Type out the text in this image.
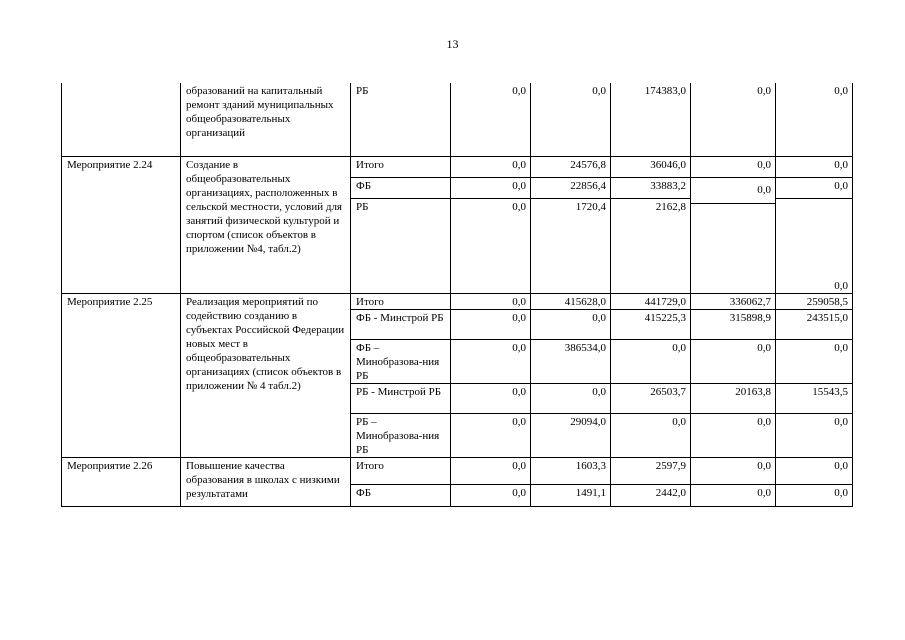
13
	образований на капитальный ремонт зданий муниципальных общеобразовательных организаций	РБ	0,0	0,0	174383,0	0,0	0,0
Мероприятие 2.24	Создание в общеобразовательных организациях, расположенных в сельской местности, условий для занятий физической культурой и спортом (список объектов в приложении №4, табл.2)	Итого	0,0	24576,8	36046,0	0,0	0,0
		ФБ	0,0	22856,4	33883,2	0,0	0,0
		РБ	0,0	1720,4	2162,8		0,0
Мероприятие 2.25	Реализация мероприятий по содействию созданию в субъектах Российской Федерации новых мест в общеобразовательных организациях (список объектов в приложении № 4 табл.2)	Итого	0,0	415628,0	441729,0	336062,7	259058,5
		ФБ - Минстрой РБ	0,0	0,0	415225,3	315898,9	243515,0
		ФБ – Минобразова-ния РБ	0,0	386534,0	0,0	0,0	0,0
		РБ - Минстрой РБ	0,0	0,0	26503,7	20163,8	15543,5
		РБ – Минобразова-ния РБ	0,0	29094,0	0,0	0,0	0,0
Мероприятие 2.26	Повышение качества образования в школах с низкими результатами	Итого	0,0	1603,3	2597,9	0,0	0,0
		ФБ	0,0	1491,1	2442,0	0,0	0,0
